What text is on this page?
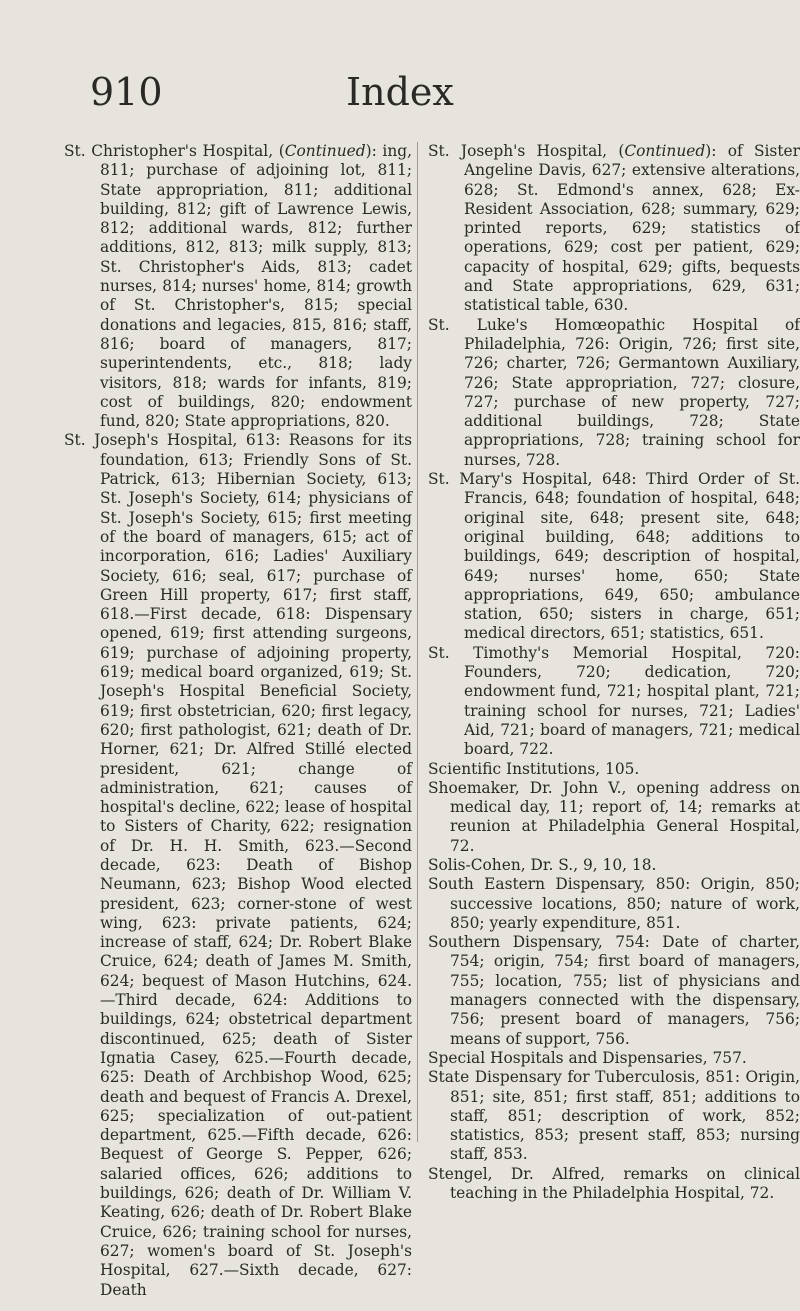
910	Index

St. Christopher's Hospital, (Continued): ing, 811; purchase of adjoining lot, 811; State appropriation, 811; additional building, 812; gift of Lawrence Lewis, 812; additional wards, 812; further additions, 812, 813; milk supply, 813; St. Christopher's Aids, 813; cadet nurses, 814; nurses' home, 814; growth of St. Christopher's, 815; special donations and legacies, 815, 816; staff, 816; board of managers, 817; superintendents, etc., 818; lady visitors, 818; wards for infants, 819; cost of buildings, 820; endowment fund, 820; State appropriations, 820.

St. Joseph's Hospital, 613: Reasons for its foundation, 613; Friendly Sons of St. Patrick, 613; Hibernian Society, 613; St. Joseph's Society, 614; physicians of St. Joseph's Society, 615; first meeting of the board of managers, 615; act of incorporation, 616; Ladies' Auxiliary Society, 616; seal, 617; purchase of Green Hill property, 617; first staff, 618.—First decade, 618: Dispensary opened, 619; first attending surgeons, 619; purchase of adjoining property, 619; medical board organized, 619; St. Joseph's Hospital Beneficial Society, 619; first obstetrician, 620; first legacy, 620; first pathologist, 621; death of Dr. Horner, 621; Dr. Alfred Stillé elected president, 621; change of administration, 621; causes of hospital's decline, 622; lease of hospital to Sisters of Charity, 622; resignation of Dr. H. H. Smith, 623.—Second decade, 623: Death of Bishop Neumann, 623; Bishop Wood elected president, 623; corner-stone of west wing, 623: private patients, 624; increase of staff, 624; Dr. Robert Blake Cruice, 624; death of James M. Smith, 624; bequest of Mason Hutchins, 624.—Third decade, 624: Additions to buildings, 624; obstetrical department discontinued, 625; death of Sister Ignatia Casey, 625.—Fourth decade, 625: Death of Archbishop Wood, 625; death and bequest of Francis A. Drexel, 625; specialization of out-patient department, 625.—Fifth decade, 626: Bequest of George S. Pepper, 626; salaried offices, 626; additions to buildings, 626; death of Dr. William V. Keating, 626; death of Dr. Robert Blake Cruice, 626; training school for nurses, 627; women's board of St. Joseph's Hospital, 627.—Sixth decade, 627: Death

St. Joseph's Hospital, (Continued): of Sister Angeline Davis, 627; extensive alterations, 628; St. Edmond's annex, 628; Ex-Resident Association, 628; summary, 629; printed reports, 629; statistics of operations, 629; cost per patient, 629; capacity of hospital, 629; gifts, bequests and State appropriations, 629, 631; statistical table, 630.

St. Luke's Homœopathic Hospital of Philadelphia, 726: Origin, 726; first site, 726; charter, 726; Germantown Auxiliary, 726; State appropriation, 727; closure, 727; purchase of new property, 727; additional buildings, 728; State appropriations, 728; training school for nurses, 728.

St. Mary's Hospital, 648: Third Order of St. Francis, 648; foundation of hospital, 648; original site, 648; present site, 648; original building, 648; additions to buildings, 649; description of hospital, 649; nurses' home, 650; State appropriations, 649, 650; ambulance station, 650; sisters in charge, 651; medical directors, 651; statistics, 651.

St. Timothy's Memorial Hospital, 720: Founders, 720; dedication, 720; endowment fund, 721; hospital plant, 721; training school for nurses, 721; Ladies' Aid, 721; board of managers, 721; medical board, 722.

Scientific Institutions, 105.

Shoemaker, Dr. John V., opening address on medical day, 11; report of, 14; remarks at reunion at Philadelphia General Hospital, 72.

Solis-Cohen, Dr. S., 9, 10, 18.

South Eastern Dispensary, 850: Origin, 850; successive locations, 850; nature of work, 850; yearly expenditure, 851.

Southern Dispensary, 754: Date of charter, 754; origin, 754; first board of managers, 755; location, 755; list of physicians and managers connected with the dispensary, 756; present board of managers, 756; means of support, 756.

Special Hospitals and Dispensaries, 757.

State Dispensary for Tuberculosis, 851: Origin, 851; site, 851; first staff, 851; additions to staff, 851; description of work, 852; statistics, 853; present staff, 853; nursing staff, 853.

Stengel, Dr. Alfred, remarks on clinical teaching in the Philadelphia Hospital, 72.
